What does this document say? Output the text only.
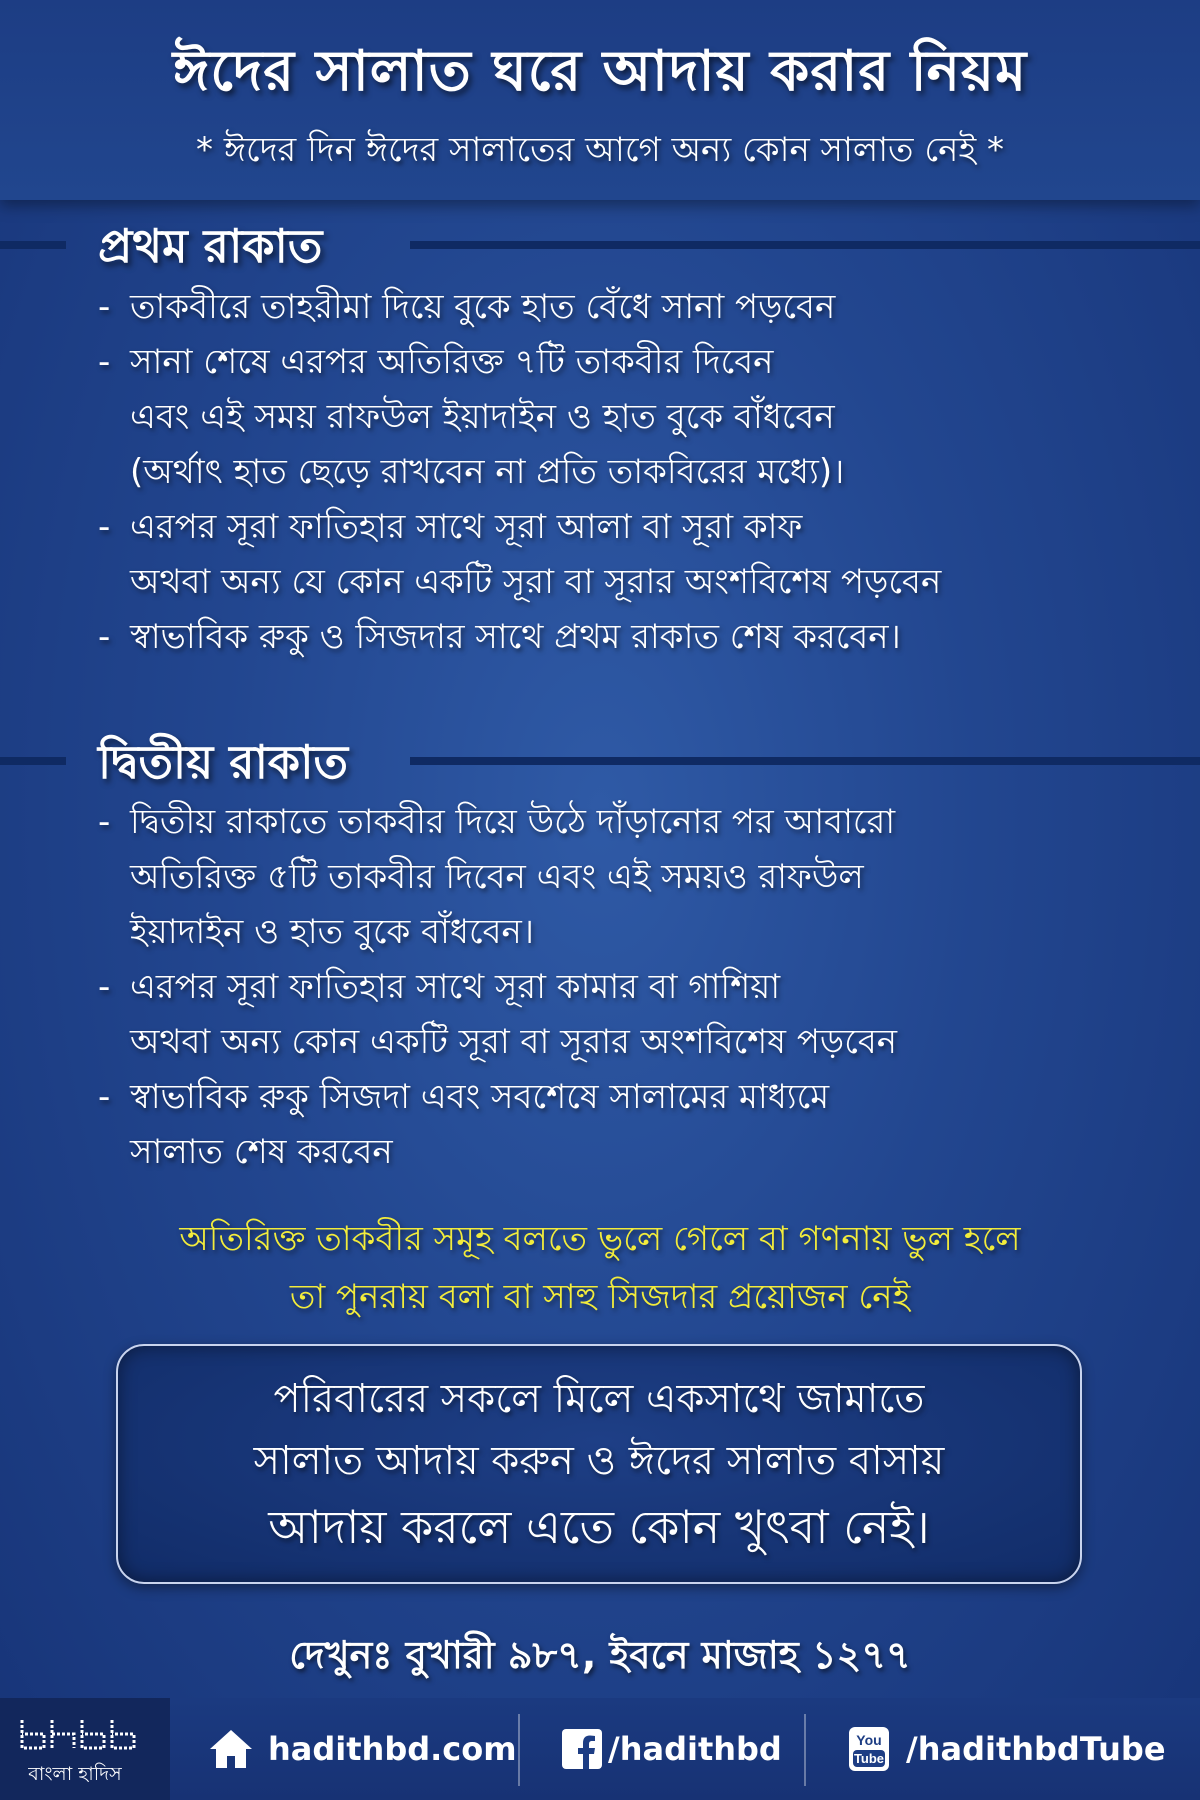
ঈদের সালাত ঘরে আদায় করার নিয়ম
* ঈদের দিন ঈদের সালাতের আগে অন্য কোন সালাত নেই *
প্রথম রাকাত
- তাকবীরে তাহরীমা দিয়ে বুকে হাত বেঁধে সানা পড়বেন
- সানা শেষে এরপর অতিরিক্ত ৭টি তাকবীর দিবেন
এবং এই সময় রাফউল ইয়াদাইন ও হাত বুকে বাঁধবেন
(অর্থাৎ হাত ছেড়ে রাখবেন না প্রতি তাকবিরের মধ্যে)।
- এরপর সূরা ফাতিহার সাথে সূরা আলা বা সূরা কাফ
অথবা অন্য যে কোন একটি সূরা বা সূরার অংশবিশেষ পড়বেন
- স্বাভাবিক রুকু ও সিজদার সাথে প্রথম রাকাত শেষ করবেন।
দ্বিতীয় রাকাত
- দ্বিতীয় রাকাতে তাকবীর দিয়ে উঠে দাঁড়ানোর পর আবারো
অতিরিক্ত ৫টি তাকবীর দিবেন এবং এই সময়ও রাফউল
ইয়াদাইন ও হাত বুকে বাঁধবেন।
- এরপর সূরা ফাতিহার সাথে সূরা কামার বা গাশিয়া
অথবা অন্য কোন একটি সূরা বা সূরার অংশবিশেষ পড়বেন
- স্বাভাবিক রুকু সিজদা এবং সবশেষে সালামের মাধ্যমে
সালাত শেষ করবেন
অতিরিক্ত তাকবীর সমূহ বলতে ভুলে গেলে বা গণনায় ভুল হলে
তা পুনরায় বলা বা সাহু সিজদার প্রয়োজন নেই
পরিবারের সকলে মিলে একসাথে জামাতে
সালাত আদায় করুন ও ঈদের সালাত বাসায়
আদায় করলে এতে কোন খুৎবা নেই।
দেখুনঃ বুখারী ৯৮৭, ইবনে মাজাহ ১২৭৭
বাংলা হাদিস
hadithbd.com	/hadithbd	You
Tube /hadithbdTube
